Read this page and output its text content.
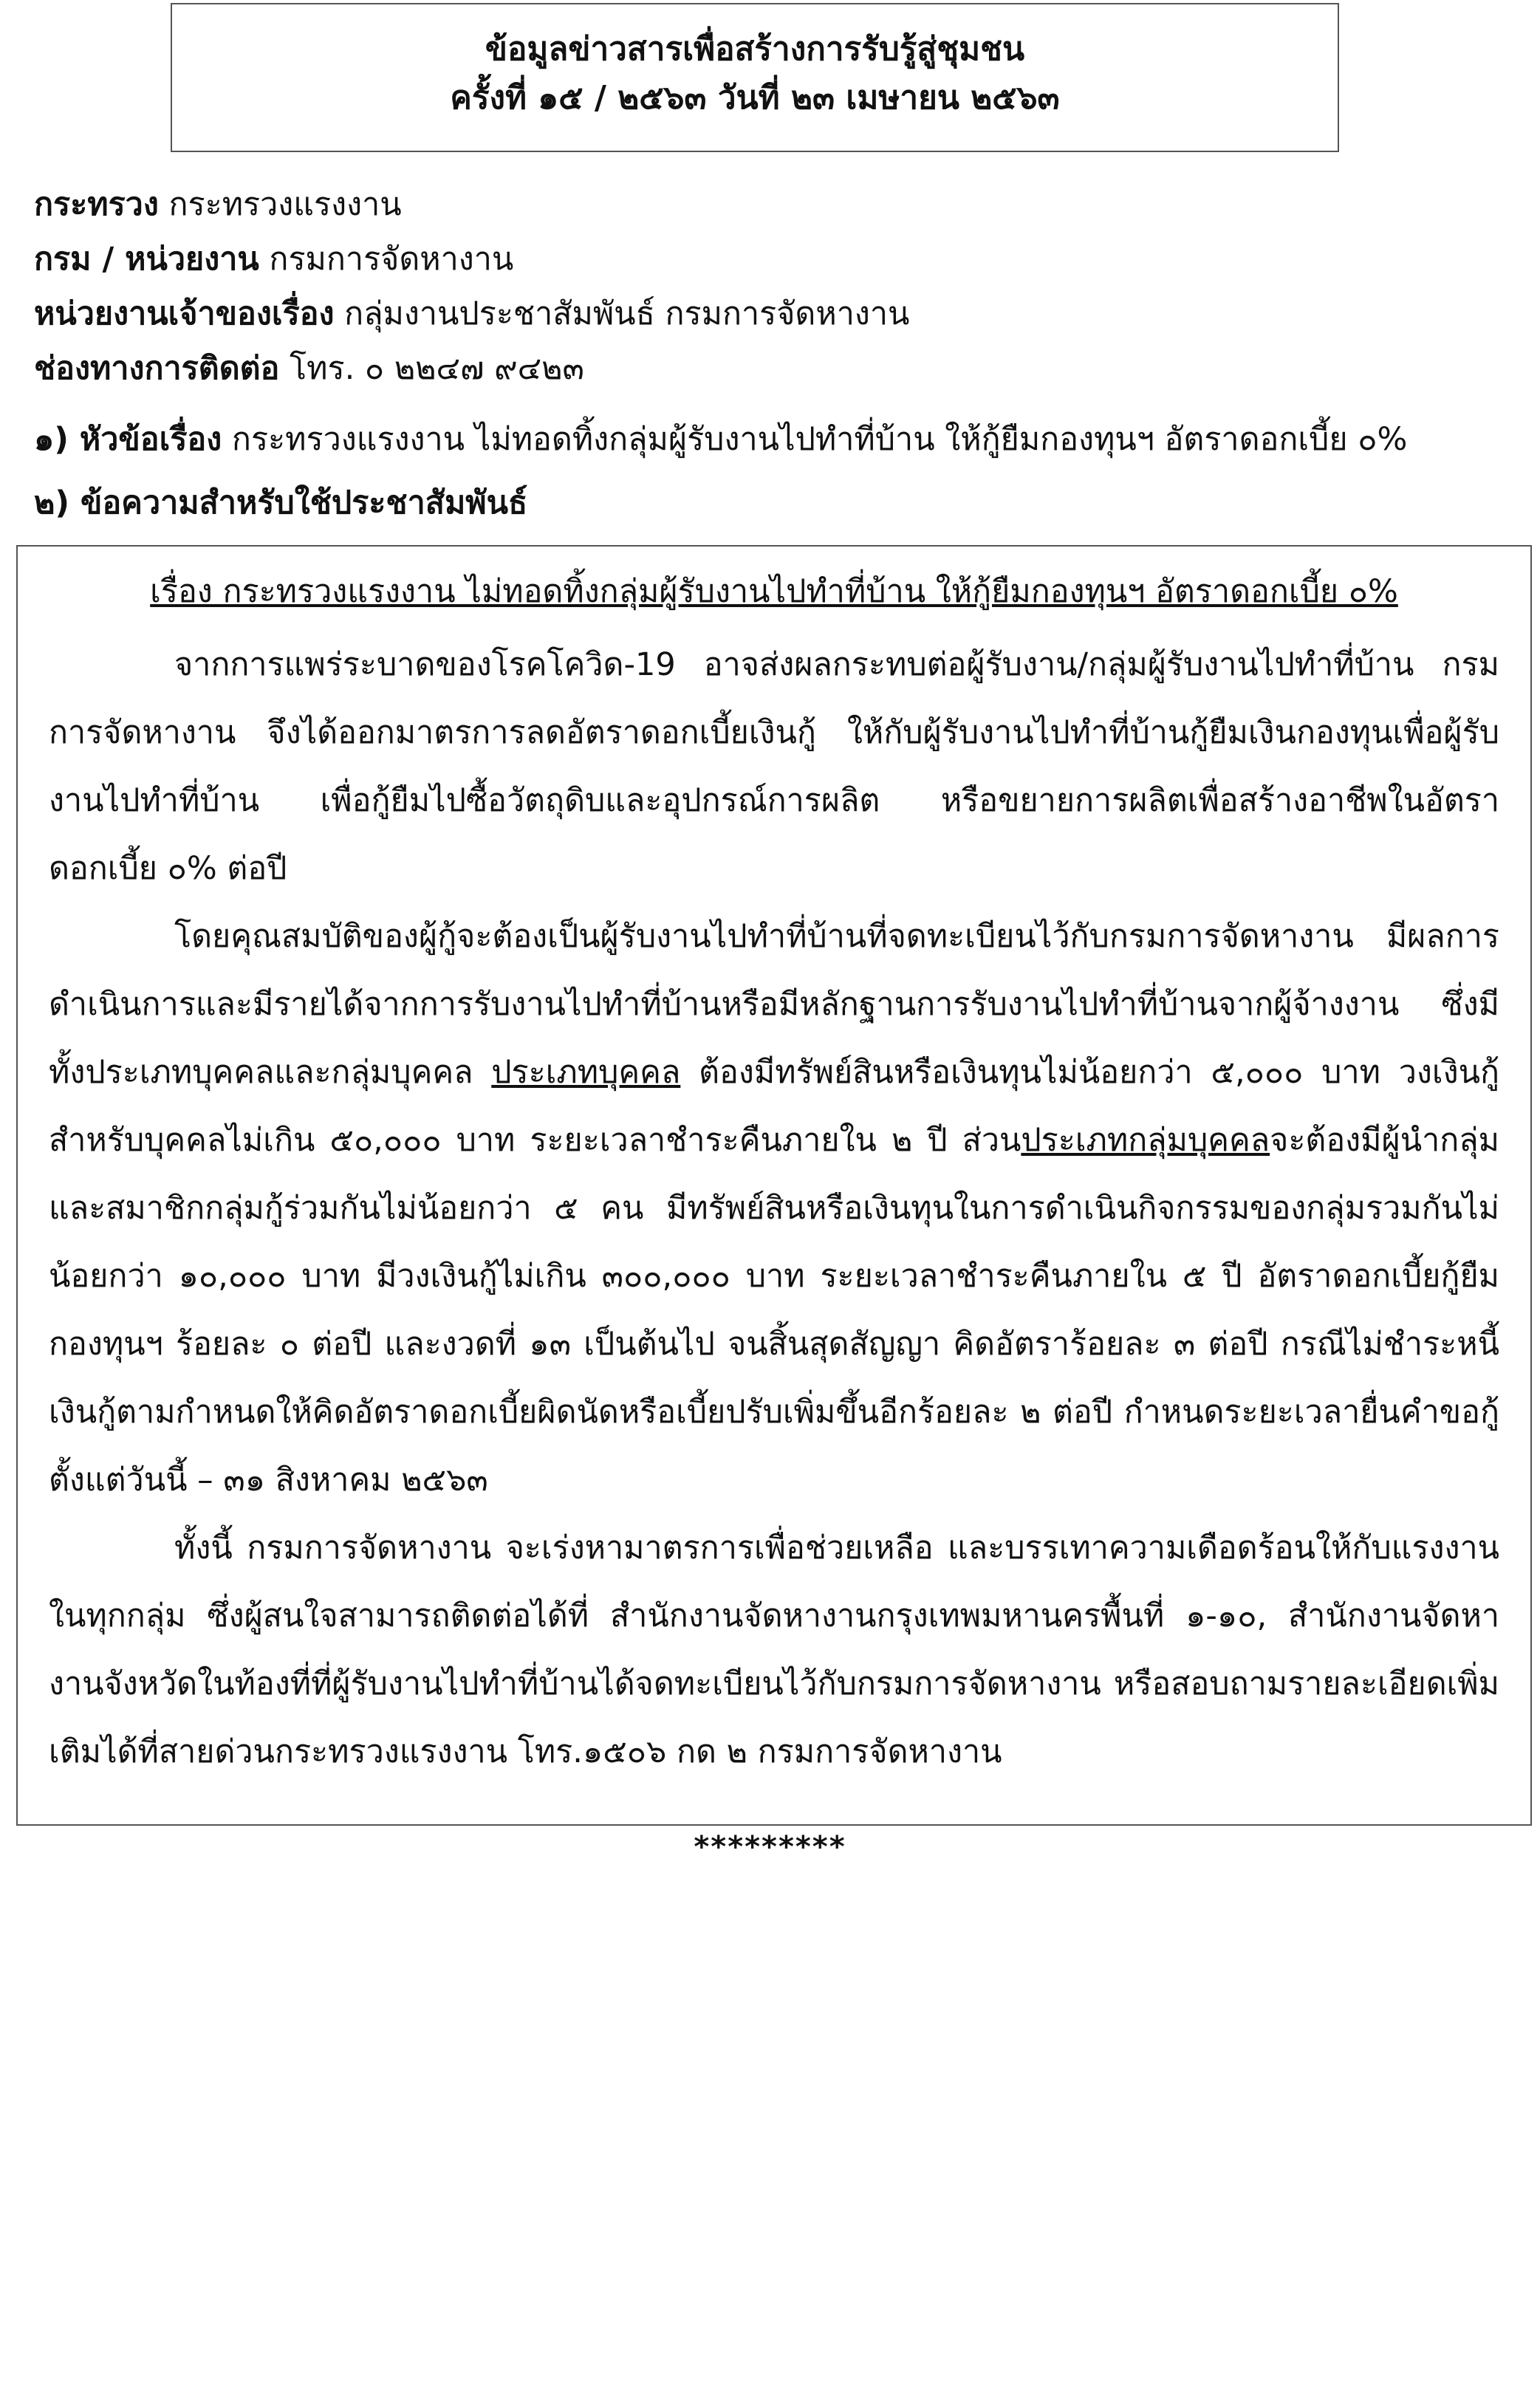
ข้อมูลข่าวสารเพื่อสร้างการรับรู้สู่ชุมชน
ครั้งที่ ๑๕ / ๒๕๖๓ วันที่ ๒๓ เมษายน ๒๕๖๓
กระทรวง กระทรวงแรงงาน
กรม / หน่วยงาน กรมการจัดหางาน
หน่วยงานเจ้าของเรื่อง กลุ่มงานประชาสัมพันธ์ กรมการจัดหางาน
ช่องทางการติดต่อ โทร. ๐ ๒๒๔๗ ๙๔๒๓
๑) หัวข้อเรื่อง กระทรวงแรงงาน ไม่ทอดทิ้งกลุ่มผู้รับงานไปทำที่บ้าน ให้กู้ยืมกองทุนฯ อัตราดอกเบี้ย ๐%
๒) ข้อความสำหรับใช้ประชาสัมพันธ์
เรื่อง กระทรวงแรงงาน ไม่ทอดทิ้งกลุ่มผู้รับงานไปทำที่บ้าน ให้กู้ยืมกองทุนฯ อัตราดอกเบี้ย ๐%

จากการแพร่ระบาดของโรคโควิด-19 อาจส่งผลกระทบต่อผู้รับงาน/กลุ่มผู้รับงานไปทำที่บ้าน กรมการจัดหางาน จึงได้ออกมาตรการลดอัตราดอกเบี้ยเงินกู้ ให้กับผู้รับงานไปทำที่บ้านกู้ยืมเงินกองทุนเพื่อผู้รับงานไปทำที่บ้าน เพื่อกู้ยืมไปซื้อวัตถุดิบและอุปกรณ์การผลิต หรือขยายการผลิตเพื่อสร้างอาชีพในอัตราดอกเบี้ย ๐% ต่อปี

โดยคุณสมบัติของผู้กู้จะต้องเป็นผู้รับงานไปทำที่บ้านที่จดทะเบียนไว้กับกรมการจัดหางาน มีผลการดำเนินการและมีรายได้จากการรับงานไปทำที่บ้านหรือมีหลักฐานการรับงานไปทำที่บ้านจากผู้จ้างงาน ซึ่งมีทั้งประเภทบุคคลและกลุ่มบุคคล ประเภทบุคคล ต้องมีทรัพย์สินหรือเงินทุนไม่น้อยกว่า ๕,๐๐๐ บาท วงเงินกู้สำหรับบุคคลไม่เกิน ๕๐,๐๐๐ บาท ระยะเวลาชำระคืนภายใน ๒ ปี ส่วนประเภทกลุ่มบุคคลจะต้องมีผู้นำกลุ่มและสมาชิกกลุ่มกู้ร่วมกันไม่น้อยกว่า ๕ คน มีทรัพย์สินหรือเงินทุนในการดำเนินกิจกรรมของกลุ่มรวมกันไม่น้อยกว่า ๑๐,๐๐๐ บาท มีวงเงินกู้ไม่เกิน ๓๐๐,๐๐๐ บาท ระยะเวลาชำระคืนภายใน ๕ ปี อัตราดอกเบี้ยกู้ยืมกองทุนฯ ร้อยละ ๐ ต่อปี และงวดที่ ๑๓ เป็นต้นไป จนสิ้นสุดสัญญา คิดอัตราร้อยละ ๓ ต่อปี กรณีไม่ชำระหนี้เงินกู้ตามกำหนดให้คิดอัตราดอกเบี้ยผิดนัดหรือเบี้ยปรับเพิ่มขึ้นอีกร้อยละ ๒ ต่อปี กำหนดระยะเวลายื่นคำขอกู้ ตั้งแต่วันนี้ – ๓๑ สิงหาคม ๒๕๖๓

ทั้งนี้ กรมการจัดหางาน จะเร่งหามาตรการเพื่อช่วยเหลือ และบรรเทาความเดือดร้อนให้กับแรงงานในทุกกลุ่ม ซึ่งผู้สนใจสามารถติดต่อได้ที่ สำนักงานจัดหางานกรุงเทพมหานครพื้นที่ ๑-๑๐, สำนักงานจัดหางานจังหวัดในท้องที่ที่ผู้รับงานไปทำที่บ้านได้จดทะเบียนไว้กับกรมการจัดหางาน หรือสอบถามรายละเอียดเพิ่มเติมได้ที่สายด่วนกระทรวงแรงงาน โทร.๑๕๐๖ กด ๒ กรมการจัดหางาน

*********
